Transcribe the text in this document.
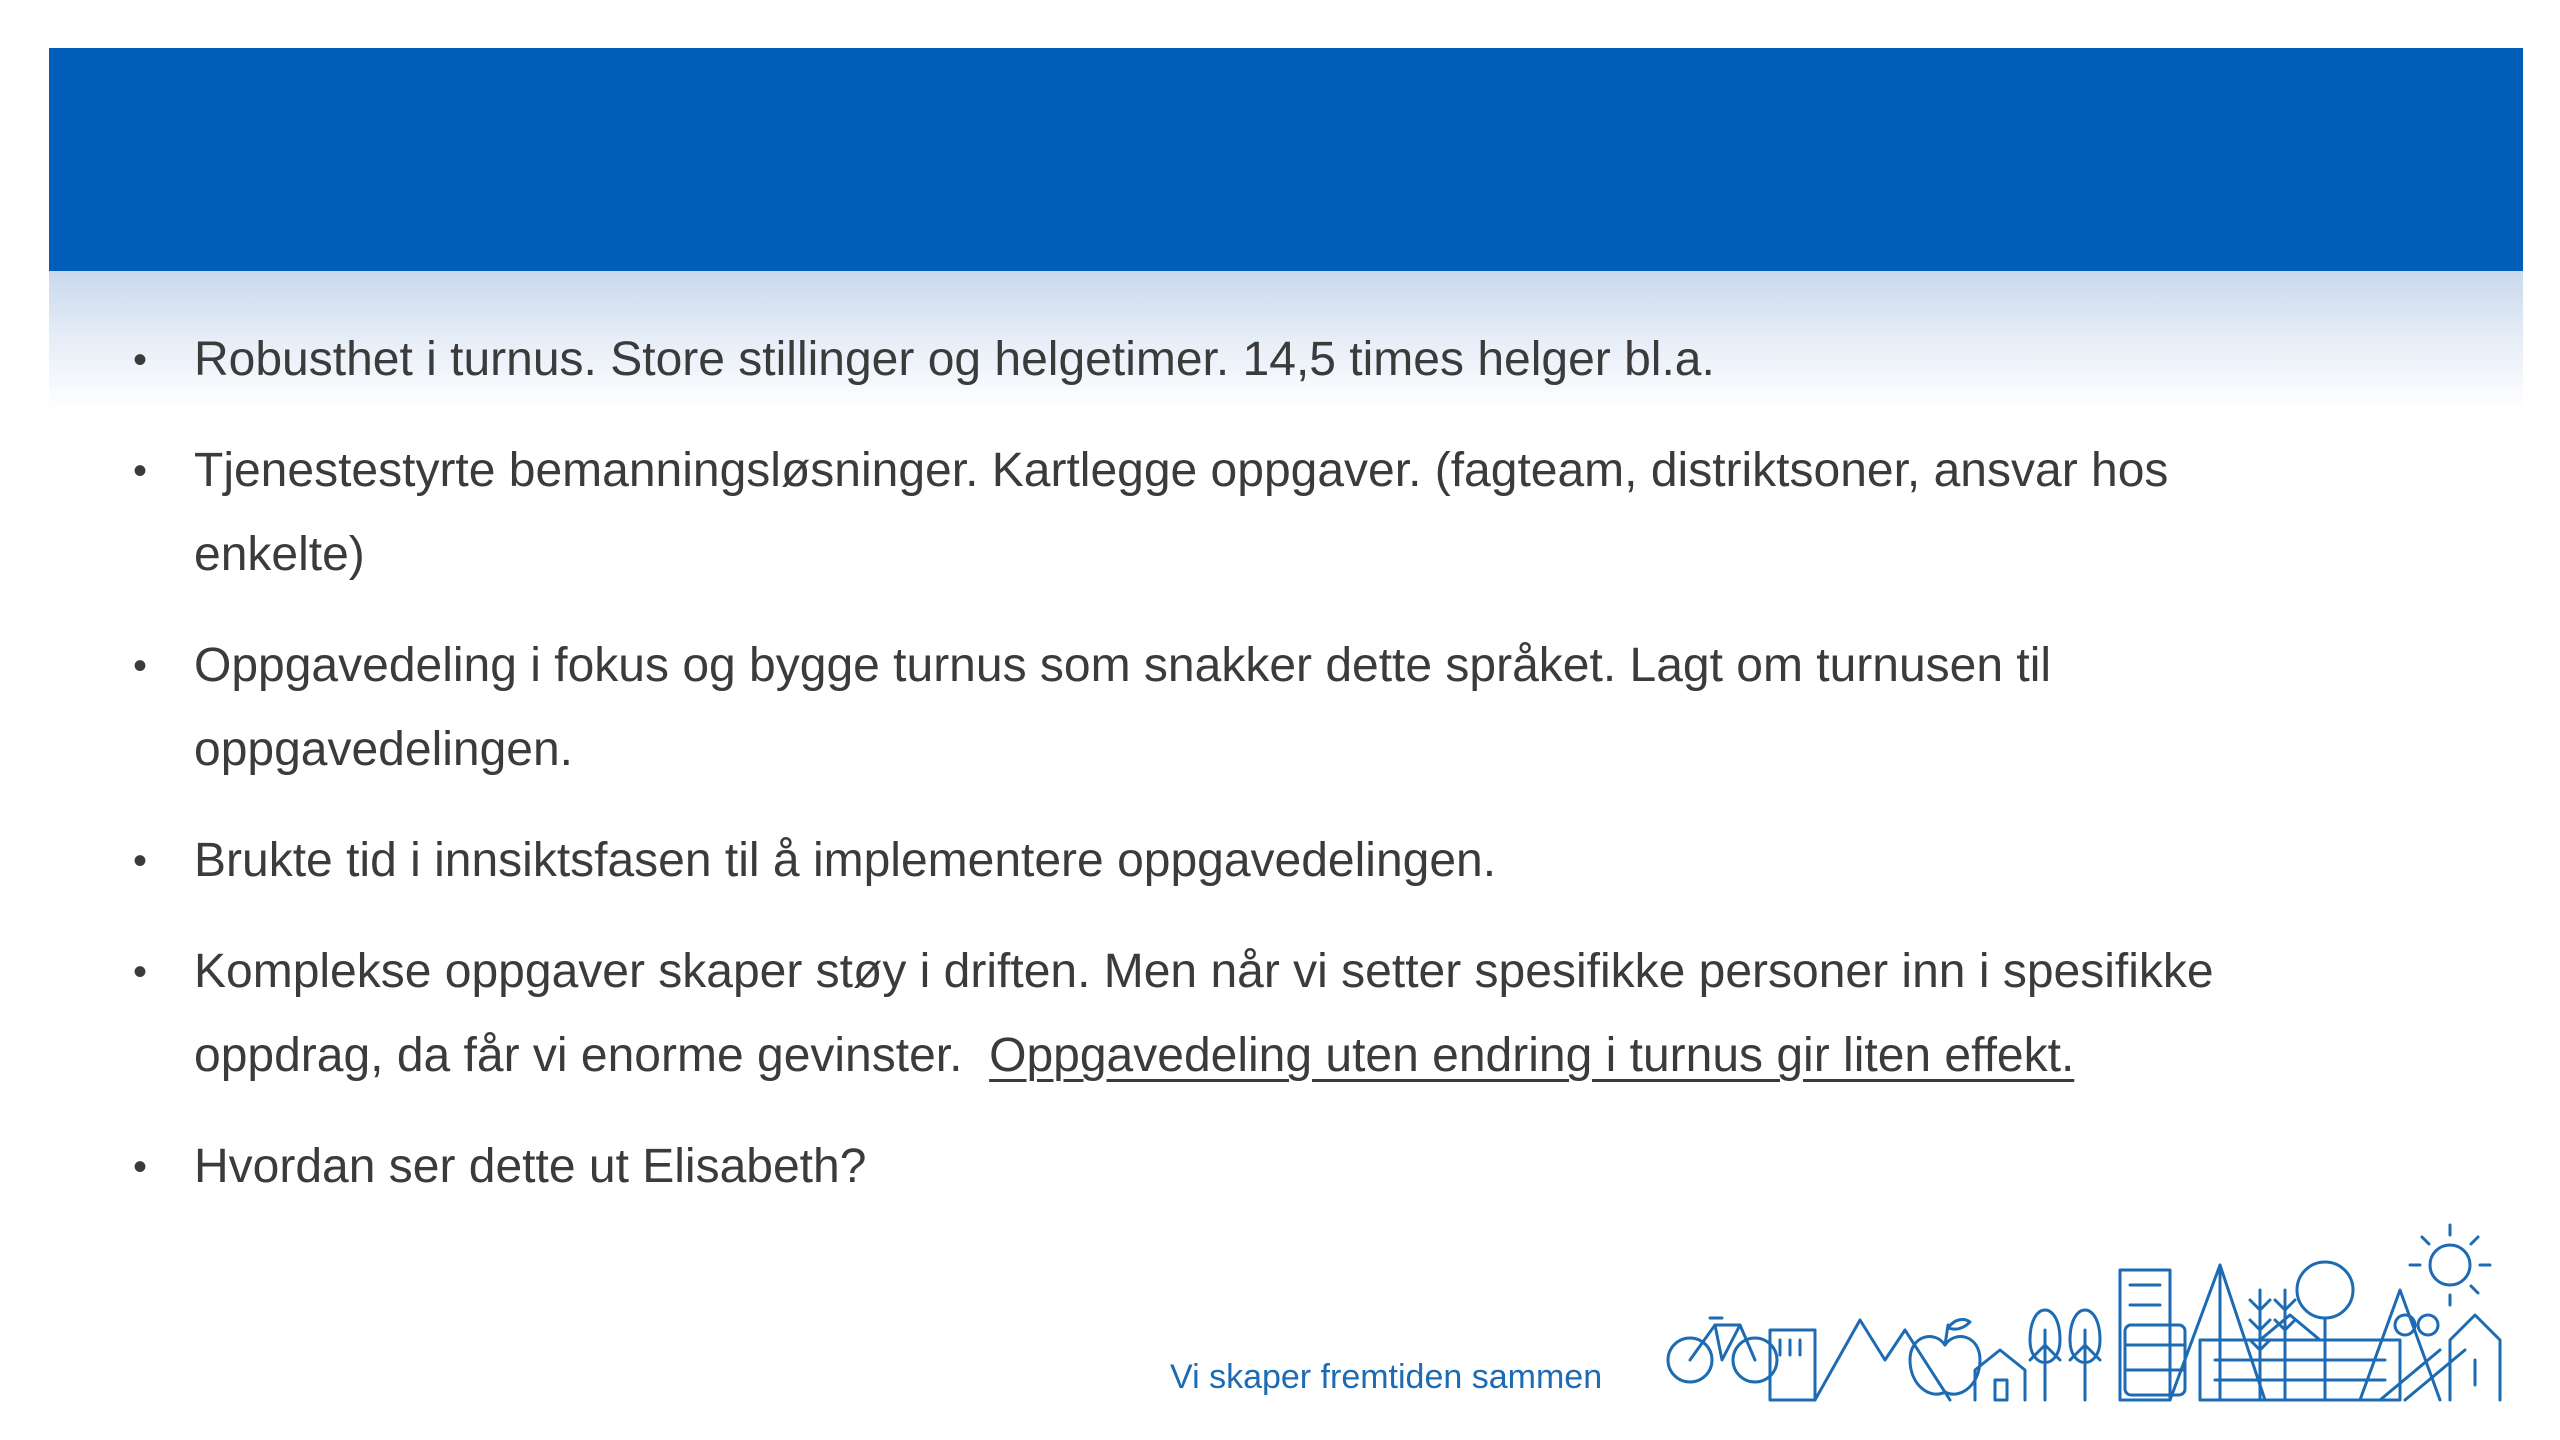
• Robusthet i turnus. Store stillinger og helgetimer. 14,5 times helger bl.a.
• Tjenestestyrte bemanningsløsninger. Kartlegge oppgaver. (fagteam, distriktsoner, ansvar hos enkelte)
• Oppgavedeling i fokus og bygge turnus som snakker dette språket. Lagt om turnusen til oppgavedelingen.
• Brukte tid i innsiktsfasen til å implementere oppgavedelingen.
• Komplekse oppgaver skaper støy i driften. Men når vi setter spesifikke personer inn i spesifikke oppdrag, da får vi enorme gevinster.  Oppgavedeling uten endring i turnus gir liten effekt.
• Hvordan ser dette ut Elisabeth?
Vi skaper fremtiden sammen
